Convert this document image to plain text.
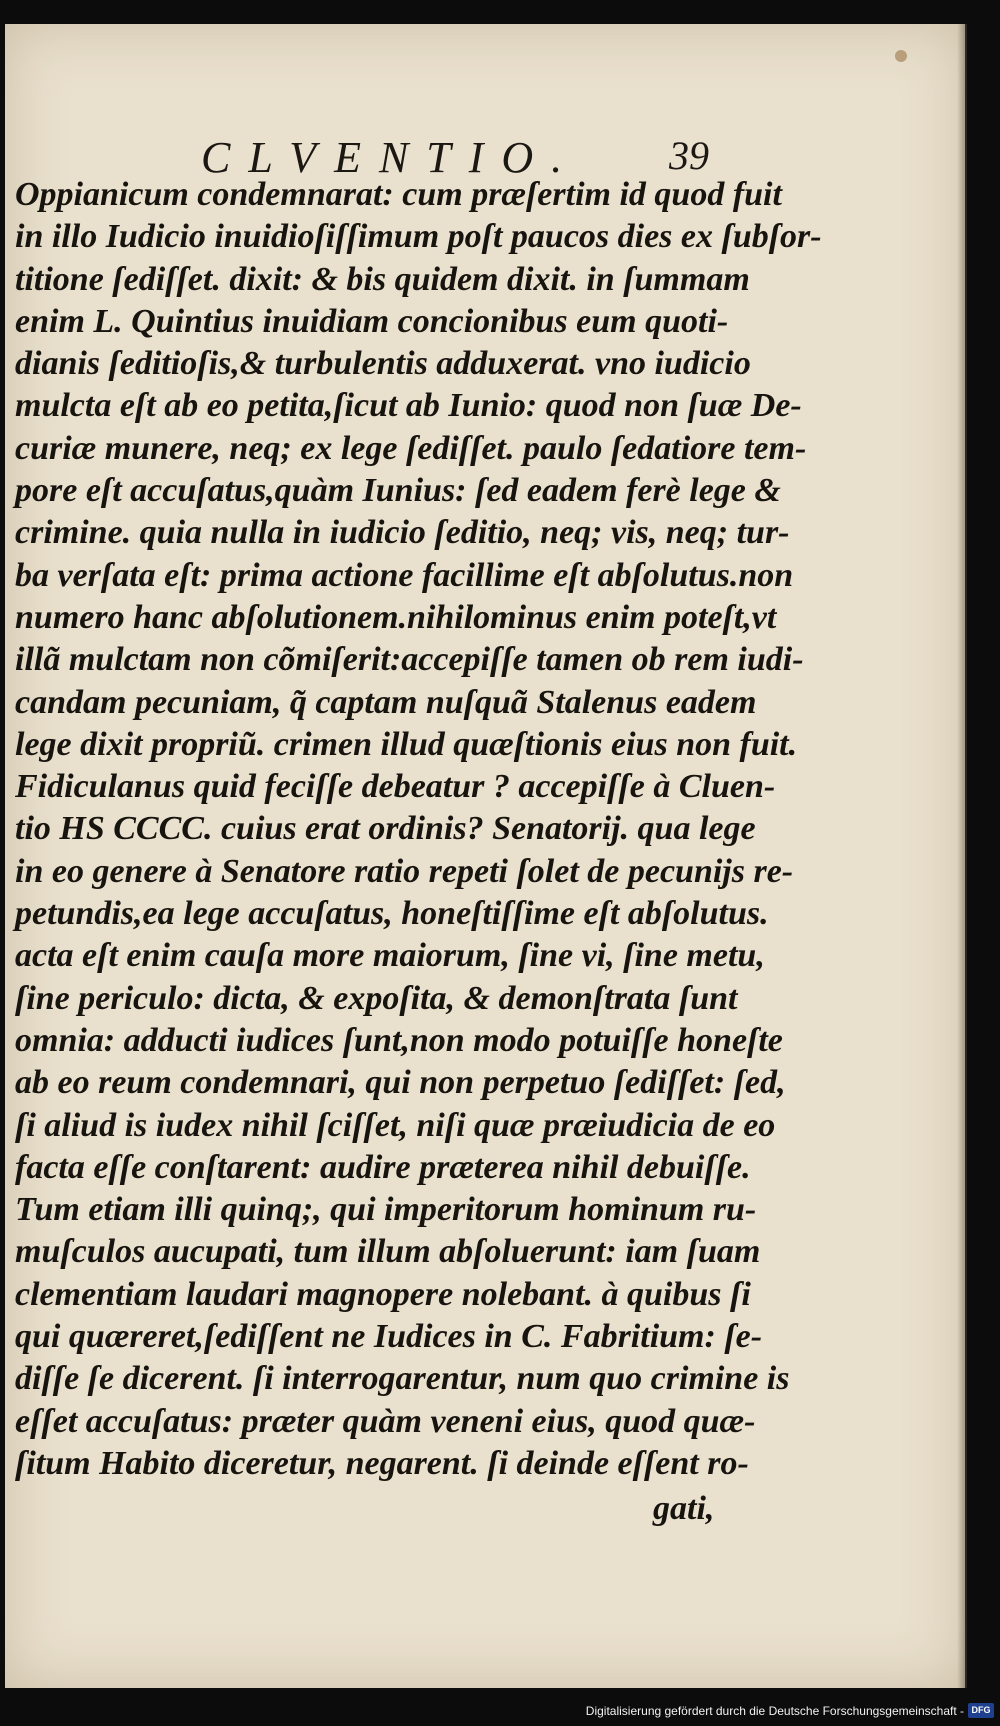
CLVENTIO. 39
Oppianicum condemnarat: cum præſertim id quod fuit
in illo Iudicio inuidioſiſſimum poſt paucos dies ex ſubſor-
titione ſediſſet. dixit: & bis quidem dixit. in ſummam
enim L. Quintius inuidiam concionibus eum quoti-
dianis ſeditioſis,& turbulentis adduxerat. vno iudicio
mulcta eſt ab eo petita,ſicut ab Iunio: quod non ſuæ De-
curiæ munere, neq; ex lege ſediſſet. paulo ſedatiore tem-
pore eſt accuſatus,quàm Iunius: ſed eadem ferè lege &
crimine. quia nulla in iudicio ſeditio, neq; vis, neq; tur-
ba verſata eſt: prima actione facillime eſt abſolutus.non
numero hanc abſolutionem.nihilominus enim poteſt,vt
illã mulctam non cõmiſerit:accepiſſe tamen ob rem iudi-
candam pecuniam, q̃ captam nuſquã Stalenus eadem
lege dixit propriũ. crimen illud quæſtionis eius non fuit.
Fidiculanus quid feciſſe debeatur ? accepiſſe à Cluen-
tio HS CCCC. cuius erat ordinis? Senatorij. qua lege
in eo genere à Senatore ratio repeti ſolet de pecunijs re-
petundis,ea lege accuſatus, honeſtiſſime eſt abſolutus.
acta eſt enim cauſa more maiorum, ſine vi, ſine metu,
ſine periculo: dicta, & expoſita, & demonſtrata ſunt
omnia: adducti iudices ſunt,non modo potuiſſe honeſte
ab eo reum condemnari, qui non perpetuo ſediſſet: ſed,
ſi aliud is iudex nihil ſciſſet, niſi quæ præiudicia de eo
facta eſſe conſtarent: audire præterea nihil debuiſſe.
Tum etiam illi quinq;, qui imperitorum hominum ru-
muſculos aucupati, tum illum abſoluerunt: iam ſuam
clementiam laudari magnopere nolebant. à quibus ſi
qui quæreret,ſediſſent ne Iudices in C. Fabritium: ſe-
diſſe ſe dicerent. ſi interrogarentur, num quo crimine is
eſſet accuſatus: præter quàm veneni eius, quod quæ-
ſitum Habito diceretur, negarent. ſi deinde eſſent ro-
gati,
Digitalisierung gefördert durch die Deutsche Forschungsgemeinschaft - DFG
